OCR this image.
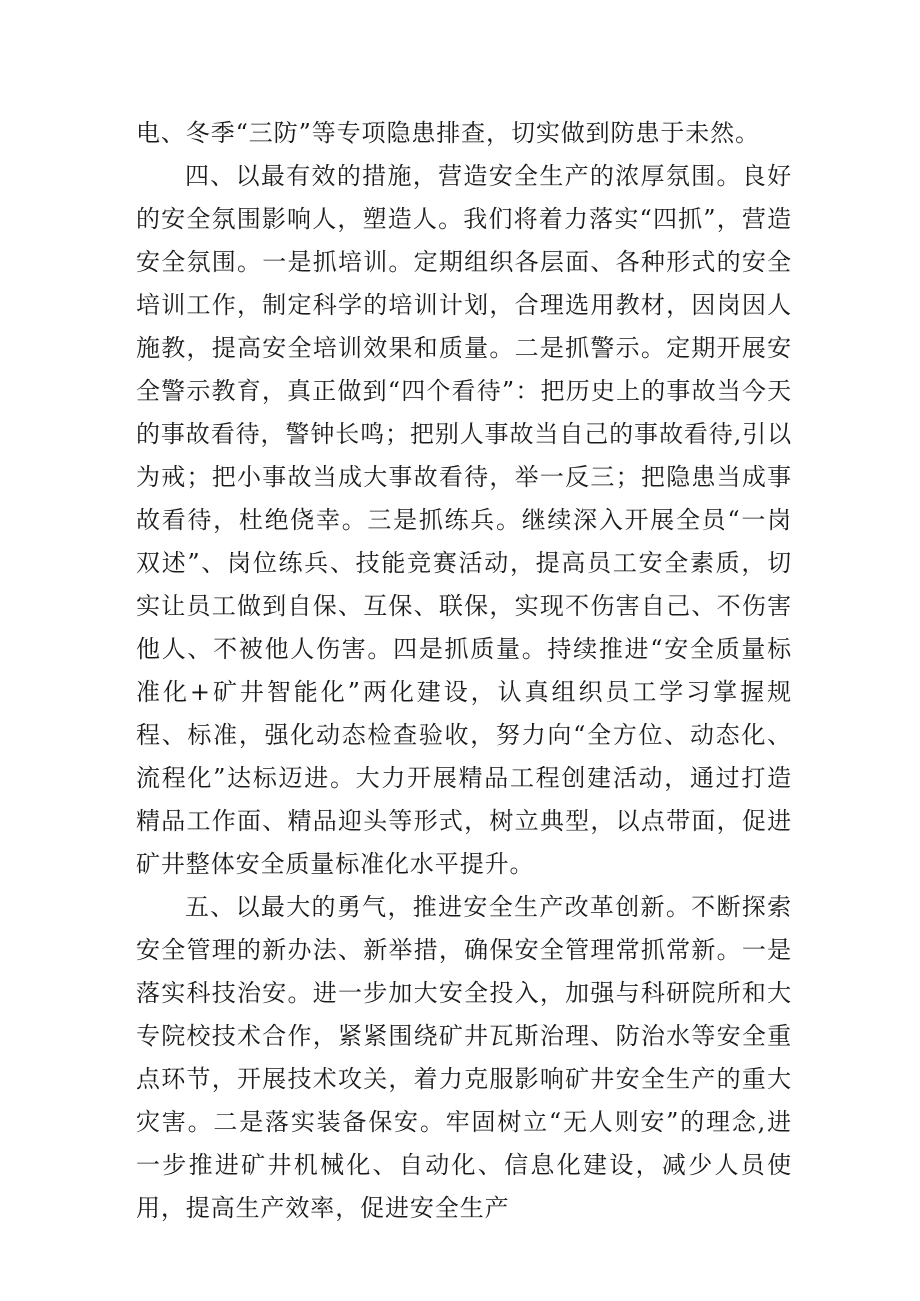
电、冬季“三防”等专项隐患排查，切实做到防患于未然。

四、以最有效的措施，营造安全生产的浓厚氛围。良好的安全氛围影响人，塑造人。我们将着力落实“四抓”，营造安全氛围。一是抓培训。定期组织各层面、各种形式的安全培训工作，制定科学的培训计划，合理选用教材，因岗因人施教，提高安全培训效果和质量。二是抓警示。定期开展安全警示教育，真正做到“四个看待”：把历史上的事故当今天的事故看待，警钟长鸣；把别人事故当自己的事故看待,引以为戒；把小事故当成大事故看待，举一反三；把隐患当成事故看待，杜绝侥幸。三是抓练兵。继续深入开展全员“一岗双述”、岗位练兵、技能竞赛活动，提高员工安全素质，切实让员工做到自保、互保、联保，实现不伤害自己、不伤害他人、不被他人伤害。四是抓质量。持续推进“安全质量标准化+矿井智能化”两化建设，认真组织员工学习掌握规程、标准，强化动态检查验收，努力向“全方位、动态化、流程化”达标迈进。大力开展精品工程创建活动，通过打造精品工作面、精品迎头等形式，树立典型，以点带面，促进矿井整体安全质量标准化水平提升。

五、以最大的勇气，推进安全生产改革创新。不断探索安全管理的新办法、新举措，确保安全管理常抓常新。一是落实科技治安。进一步加大安全投入，加强与科研院所和大专院校技术合作，紧紧围绕矿井瓦斯治理、防治水等安全重点环节，开展技术攻关，着力克服影响矿井安全生产的重大灾害。二是落实装备保安。牢固树立“无人则安”的理念,进一步推进矿井机械化、自动化、信息化建设，减少人员使用，提高生产效率，促进安全生产
